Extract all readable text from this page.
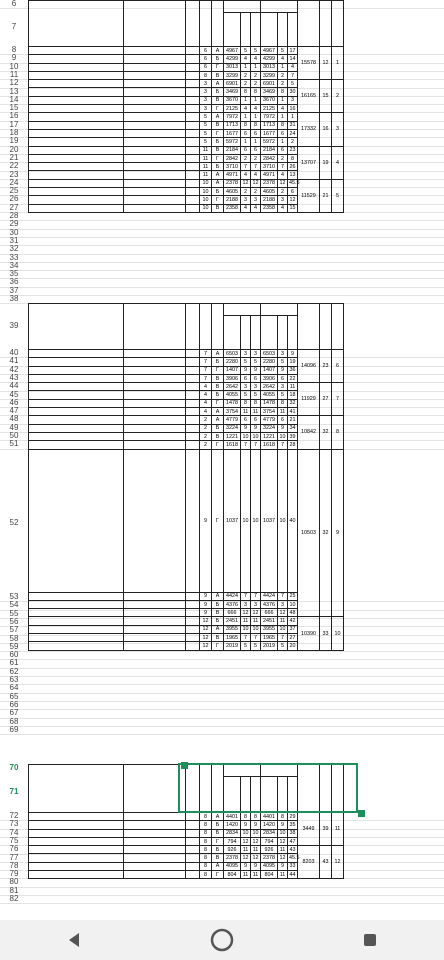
6
7
8
9
10
11
12
13
14
15
16
17
18
19
20
21
22
23
24
25
26
27
28
29
30
31
32
33
34
35
36
37
38

			6	А	4967	5	5	4967	5	17	15578	12	1
			6	Б	4299	4	4	4299	4	14			
			6	Г	3013	1	1	3013	1	4			
			8	В	3299	2	2	3299	2	7			
			3	А	6901	2	2	6901	2	5	16165	15	2
			3	Б	3469	8	8	3469	8	30			
			3	В	3670	1	1	3670	1	3			
			3	Г	2125	4	4	2125	4	16			
			5	А	7972	1	1	7972	1	1	17332	16	3
			5	В	1713	8	8	1713	8	31			
			5	Г	1677	6	6	1677	6	24			
			5	Б	5972	1	1	5972	1	2			
			11	В	2184	6	6	2184	6	23	13707	19	4
			11	Г	2842	2	2	2842	2	8			
			11	Б	3710	7	7	3710	7	26			
			11	А	4971	4	4	4971	4	13			
			10	А	2378	12	12	2378	12	45.5	11529	21	5
			10	Б	4605	2	2	4605	2	6			
			10	Г	2188	3	3	2188	3	12			
			10	В	2358	4	4	2358	4	15			
39
40
41
42
43
44
45
46
47
48
49
50
51
52
53
54
55
56
57
58
59
60
61
62
63
64
65
66
67
68
69

			7	А	6503	3	3	6503	3	9	14096	23	6
			7	Б	2280	5	5	2280	5	19			
			7	Г	1407	9	9	1407	9	36			
			7	В	3906	6	6	3906	6	22			
			4	В	2642	3	3	2642	3	11	11929	27	7
			4	Б	4055	5	5	4055	5	18			
			4	Г	1478	8	8	1478	8	32			
			4	А	3754	11	11	3754	11	41			
			2	А	4779	6	6	4779	6	21	10842	32	8
			2	Б	3224	9	9	3224	9	34			
			2	В	1221	10	10	1221	10	39			
			2	Г	1618	7	7	1618	7	28			
			9	Г	1037	10	10	1037	10	40	10503	32	9
			9	А	4424	7	7	4424	7	25			
			9	Б	4376	3	3	4376	3	10			
			9	В	666	12	12	666	12	48			
			12	Б	2451	11	11	2451	11	42	10390	33	10
			12	А	3955	10	10	3955	10	37			
			12	В	1965	7	7	1965	7	27			
			12	Г	2019	5	5	2019	5	20			
70
71
72
73
74
75
76
77
78
79
80
81
82

			8	А	4401	8	8	4401	8	29	3449	39	11
			8	Б	1420	9	9	1420	9	35			
			8	Б	2834	10	10	2834	10	38			
			8	Г	794	12	12	794	12	47			
			8	Б	926	11	11	926	11	43	8203	43	12
			8	В	2378	12	12	2378	12	45.5			
			8	А	4095	9	9	4095	9	33			
			8	Г	804	11	11	804	11	44			
